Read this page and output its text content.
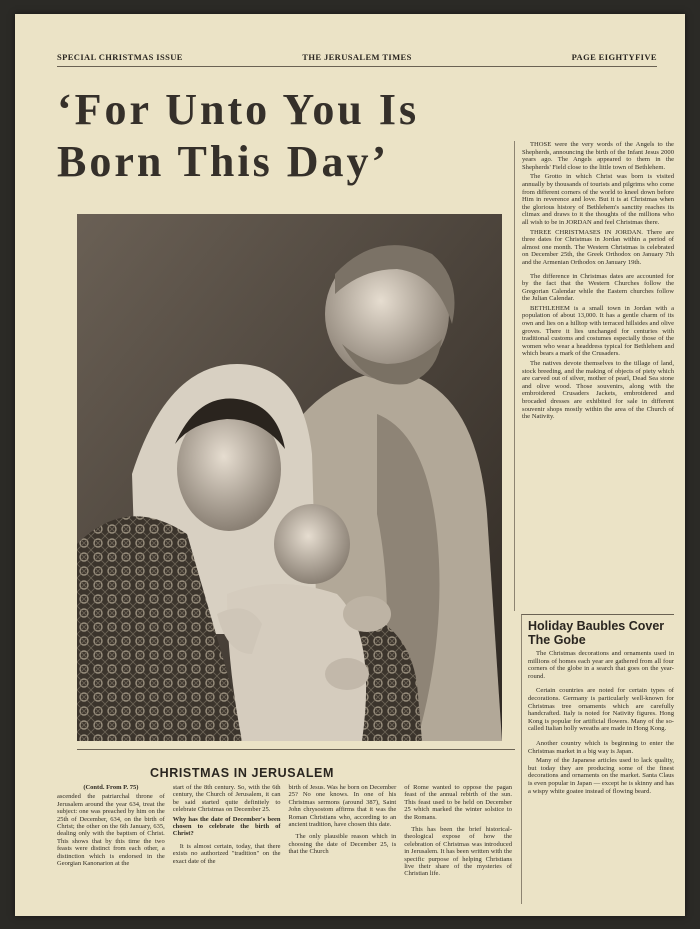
SPECIAL CHRISTMAS ISSUE	THE JERUSALEM TIMES	PAGE EIGHTYFIVE
‘For Unto You Is
Born This Day’	THOSE were the very words of the Angels to the Shepherds, announcing the birth of the Infant Jesus 2000 years ago. The Angels appeared to them in the Shepherds' Field close to the little town of Bethlehem.

The Grotto in which Christ was born is visited annually by thousands of tourists and pilgrims who come from different corners of the world to kneel down before Him in reverence and love. But it is at Christmas when the glorious history of Bethlehem's sanctity reaches its climax and draws to it the thoughts of the millions who all wish to be in JORDAN and feel Christmas there.

THREE CHRISTMASES IN JORDAN. There are three dates for Christmas in Jordan within a period of almost one month. The Western Christmas is celebrated on December 25th, the Greek Orthodox on January 7th and the Armenian Orthodox on January 19th.

The difference in Christmas dates are accounted for by the fact that the Western Churches follow the Gregorian Calendar while the Eastern churches follow the Julian Calendar.

BETHLEHEM is a small town in Jordan with a population of about 13,000. It has a gentle charm of its own and lies on a hilltop with terraced hillsides and olive groves. There it lies unchanged for centuries with traditional customs and costumes especially those of the women who wear a headdress typical for Bethlehem and which bears a mark of the Crusaders.

The natives devote themselves to the tillage of land, stock breeding, and the making of objects of piety which are carved out of silver, mother of pearl, Dead Sea stone and olive wood. Those souvenirs, along with the embroidered Crusaders Jackets, embroidered and brocaded dresses are exhibited for sale in different souvenir shops mostly within the area of the Church of the Nativity.

Holiday Baubles Cover The Gobe

The Christmas decorations and ornaments used in millions of homes each year are gathered from all four corners of the globe in a search that goes on the year-round.

Certain countries are noted for certain types of decorations. Germany is particularly well-known for Christmas tree ornaments which are carefully handcrafted. Italy is noted for Nativity figures. Hong Kong is popular for artificial flowers. Many of the so-called Italian holly wreaths are made in Hong Kong.

Another country which is beginning to enter the Christmas market in a big way is Japan.

Many of the Japanese articles used to lack quality, but today they are producing some of the finest decorations and ornaments on the market. Santa Claus is even popular in Japan — except he is skinny and has a wispy white goatee instead of flowing beard.

CHRISTMAS IN JERUSALEM

(Contd. From P. 75)

ascended the patriarchal throne of Jerusalem around the year 634, treat the subject: one was preached by him on the 25th of December, 634, on the birth of Christ; the other on the 6th January, 635, dealing only with the baptism of Christ. This shows that by this time the two feasts were distinct from each other, a distinction which is endorsed in the Georgian Kanonarion at the

start of the 8th century. So, with the 6th century, the Church of Jerusalem, it can be said started quite definitely to celebrate Christmas on December 25.

Why has the date of December's been chosen to celebrate the birth of Christ?

It is almost certain, today, that there exists no authorized "tradition" on the exact date of the

birth of Jesus. Was he born on December 25? No one knows. In one of his Christmas sermons (around 387), Saint John chrysostom affirms that it was the Roman Christians who, according to an ancient tradition, have chosen this date.

The only plausible reason which in choosing the date of December 25, is that the Church

of Rome wanted to oppose the pagan feast of the annual rebirth of the sun. This feast used to be held on December 25 which marked the winter solstice to the Romans.

This has been the brief historical-theological expose of how the celebration of Christmas was introduced in Jerusalem. It has been written with the specific purpose of helping Christians live their share of the mysteries of Christian life.
